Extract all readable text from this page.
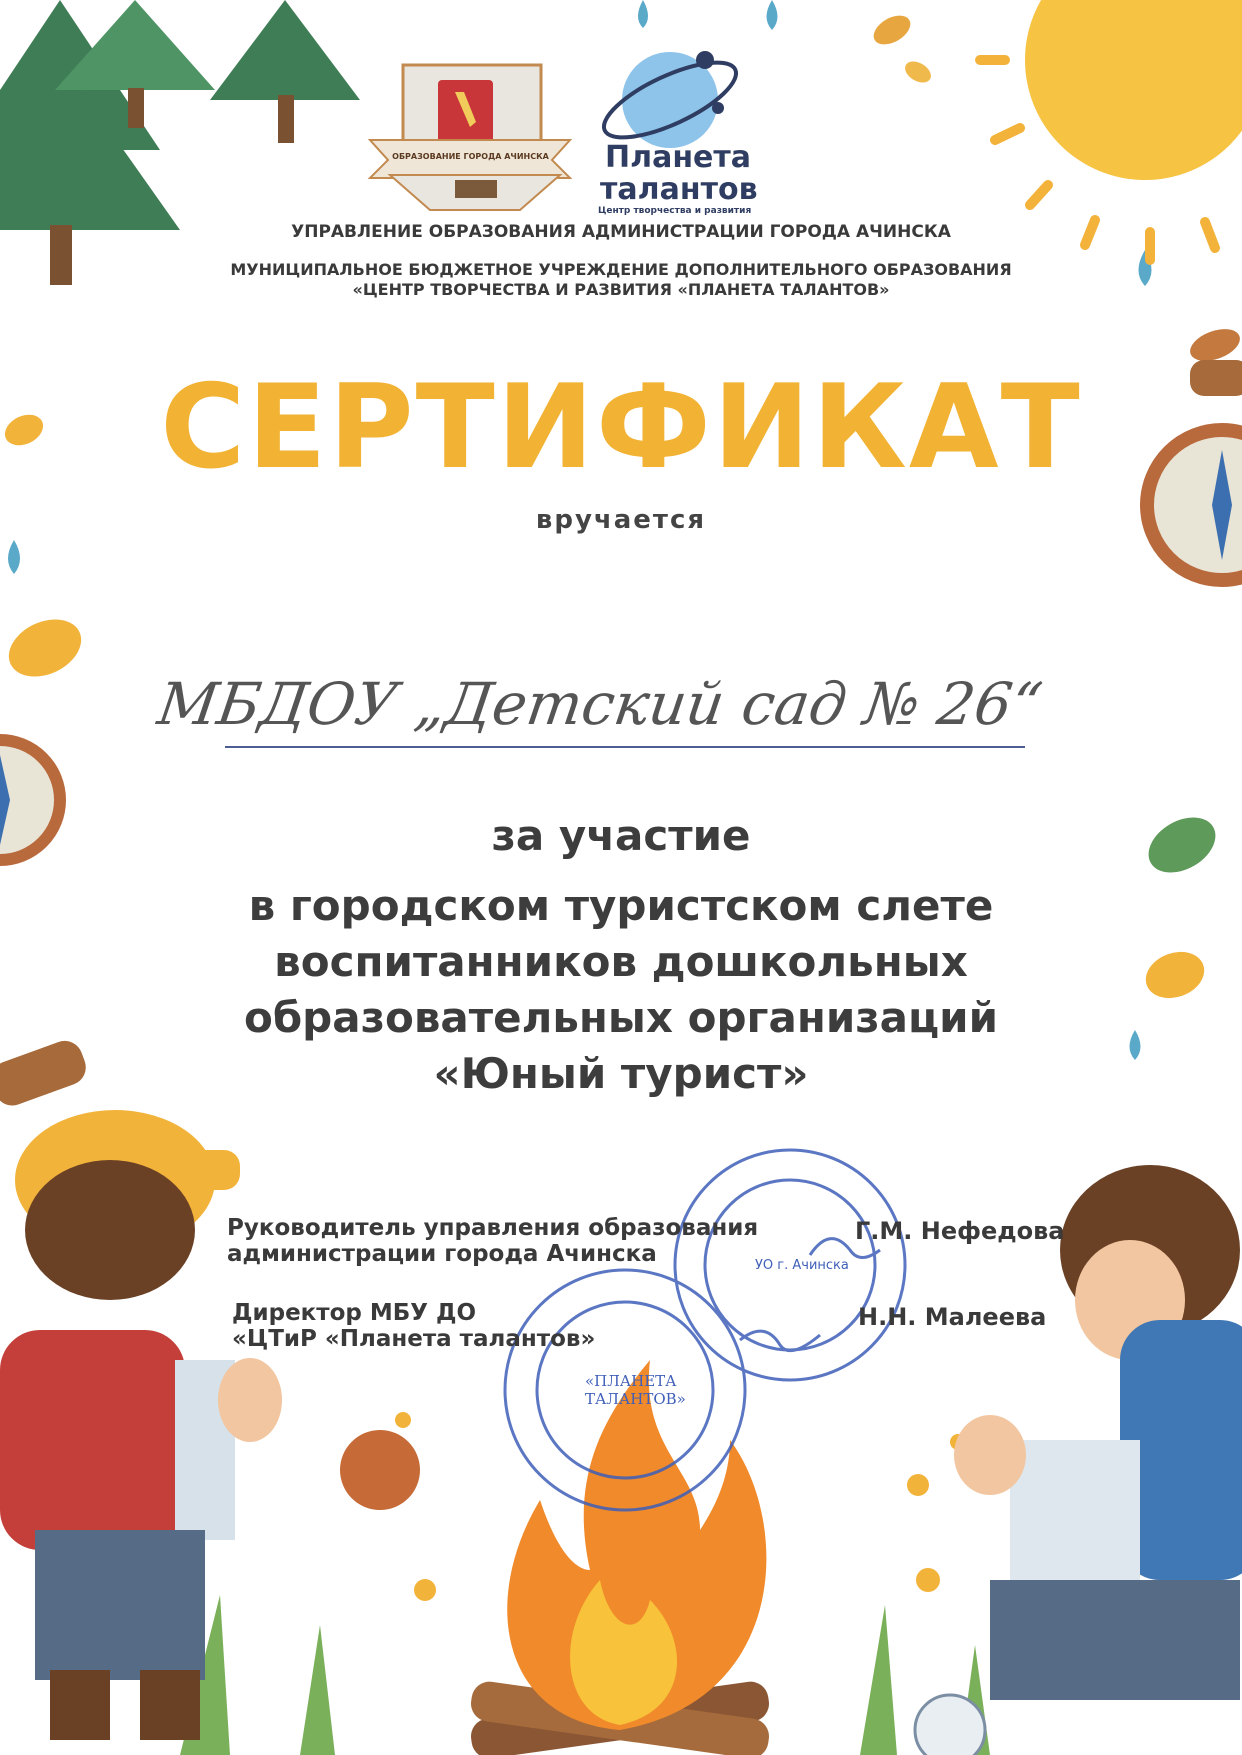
ОБРАЗОВАНИЕ ГОРОДА АЧИНСКА Планета
талантов
Центр творчества и развития
УПРАВЛЕНИЕ ОБРАЗОВАНИЯ АДМИНИСТРАЦИИ ГОРОДА АЧИНСКА
МУНИЦИПАЛЬНОЕ БЮДЖЕТНОЕ УЧРЕЖДЕНИЕ ДОПОЛНИТЕЛЬНОГО ОБРАЗОВАНИЯ
«ЦЕНТР ТВОРЧЕСТВА И РАЗВИТИЯ «ПЛАНЕТА ТАЛАНТОВ»
СЕРТИФИКАТ
вручается
МБДОУ „Детский сад № 26“
за участие
в городском туристском слете
воспитанников дошкольных
образовательных организаций
«Юный турист»
Руководитель управления образования
администрации города Ачинска
Г.М. Нефедова
Директор МБУ ДО
«ЦТиР «Планета талантов»
Н.Н. Малеева
УО г. Ачинска
«ПЛАНЕТА ТАЛАНТОВ»
